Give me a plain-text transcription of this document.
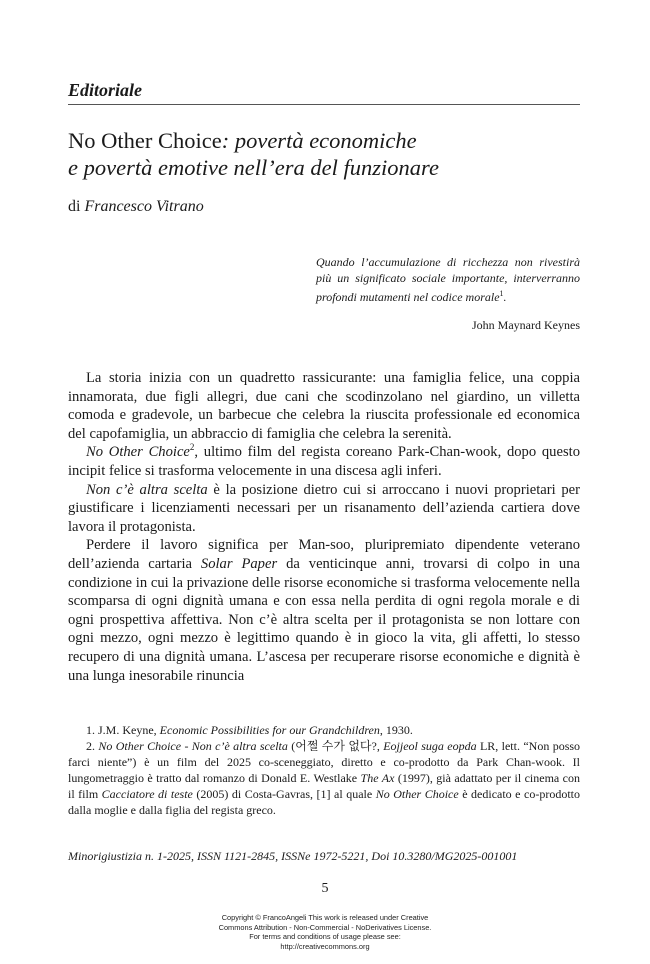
Editoriale
No Other Choice: povertà economiche
e povertà emotive nell’era del funzionare
di Francesco Vitrano
Quando l’accumulazione di ricchezza non rivestirà più un significato sociale importante, interverranno profondi mutamenti nel codice morale$^1$.
John Maynard Keynes

La storia inizia con un quadretto rassicurante: una famiglia felice, una coppia innamorata, due figli allegri, due cani che scodinzolano nel giardino, un villetta comoda e gradevole, un barbecue che celebra la riuscita professionale ed economica del capofamiglia, un abbraccio di famiglia che celebra la serenità.

No Other Choice$^2$, ultimo film del regista coreano Park-Chan-wook, dopo questo incipit felice si trasforma velocemente in una discesa agli inferi.

Non c’è altra scelta è la posizione dietro cui si arroccano i nuovi proprietari per giustificare i licenziamenti necessari per un risanamento dell’azienda cartiera dove lavora il protagonista.

Perdere il lavoro significa per Man-soo, pluripremiato dipendente veterano dell’azienda cartaria Solar Paper da venticinque anni, trovarsi di colpo in una condizione in cui la privazione delle risorse economiche si trasforma velocemente nella scomparsa di ogni dignità umana e con essa nella perdita di ogni regola morale e di ogni prospettiva affettiva. Non c’è altra scelta per il protagonista se non lottare con ogni mezzo, ogni mezzo è legittimo quando è in gioco la vita, gli affetti, lo stesso recupero di una dignità umana. L’ascesa per recuperare risorse economiche e dignità è una lunga inesorabile rinuncia

1. J.M. Keyne, Economic Possibilities for our Grandchildren, 1930.

2. No Other Choice - Non c’è altra scelta (어쩔 수가 없다?, Eojjeol suga eopda LR, lett. “Non posso farci niente”) è un film del 2025 co-sceneggiato, diretto e co-prodotto da Park Chan-wook. Il lungometraggio è tratto dal romanzo di Donald E. Westlake The Ax (1997), già adattato per il cinema con il film Cacciatore di teste (2005) di Costa-Gavras, [1] al quale No Other Choice è dedicato e co-prodotto dalla moglie e dalla figlia del regista greco.

Minorigiustizia n. 1-2025, ISSN 1121-2845, ISSNe 1972-5221, Doi 10.3280/MG2025-001001
5
Copyright © FrancoAngeli This work is released under Creative
Commons Attribution - Non-Commercial - NoDerivatives License.
For terms and conditions of usage please see:
http://creativecommons.org
